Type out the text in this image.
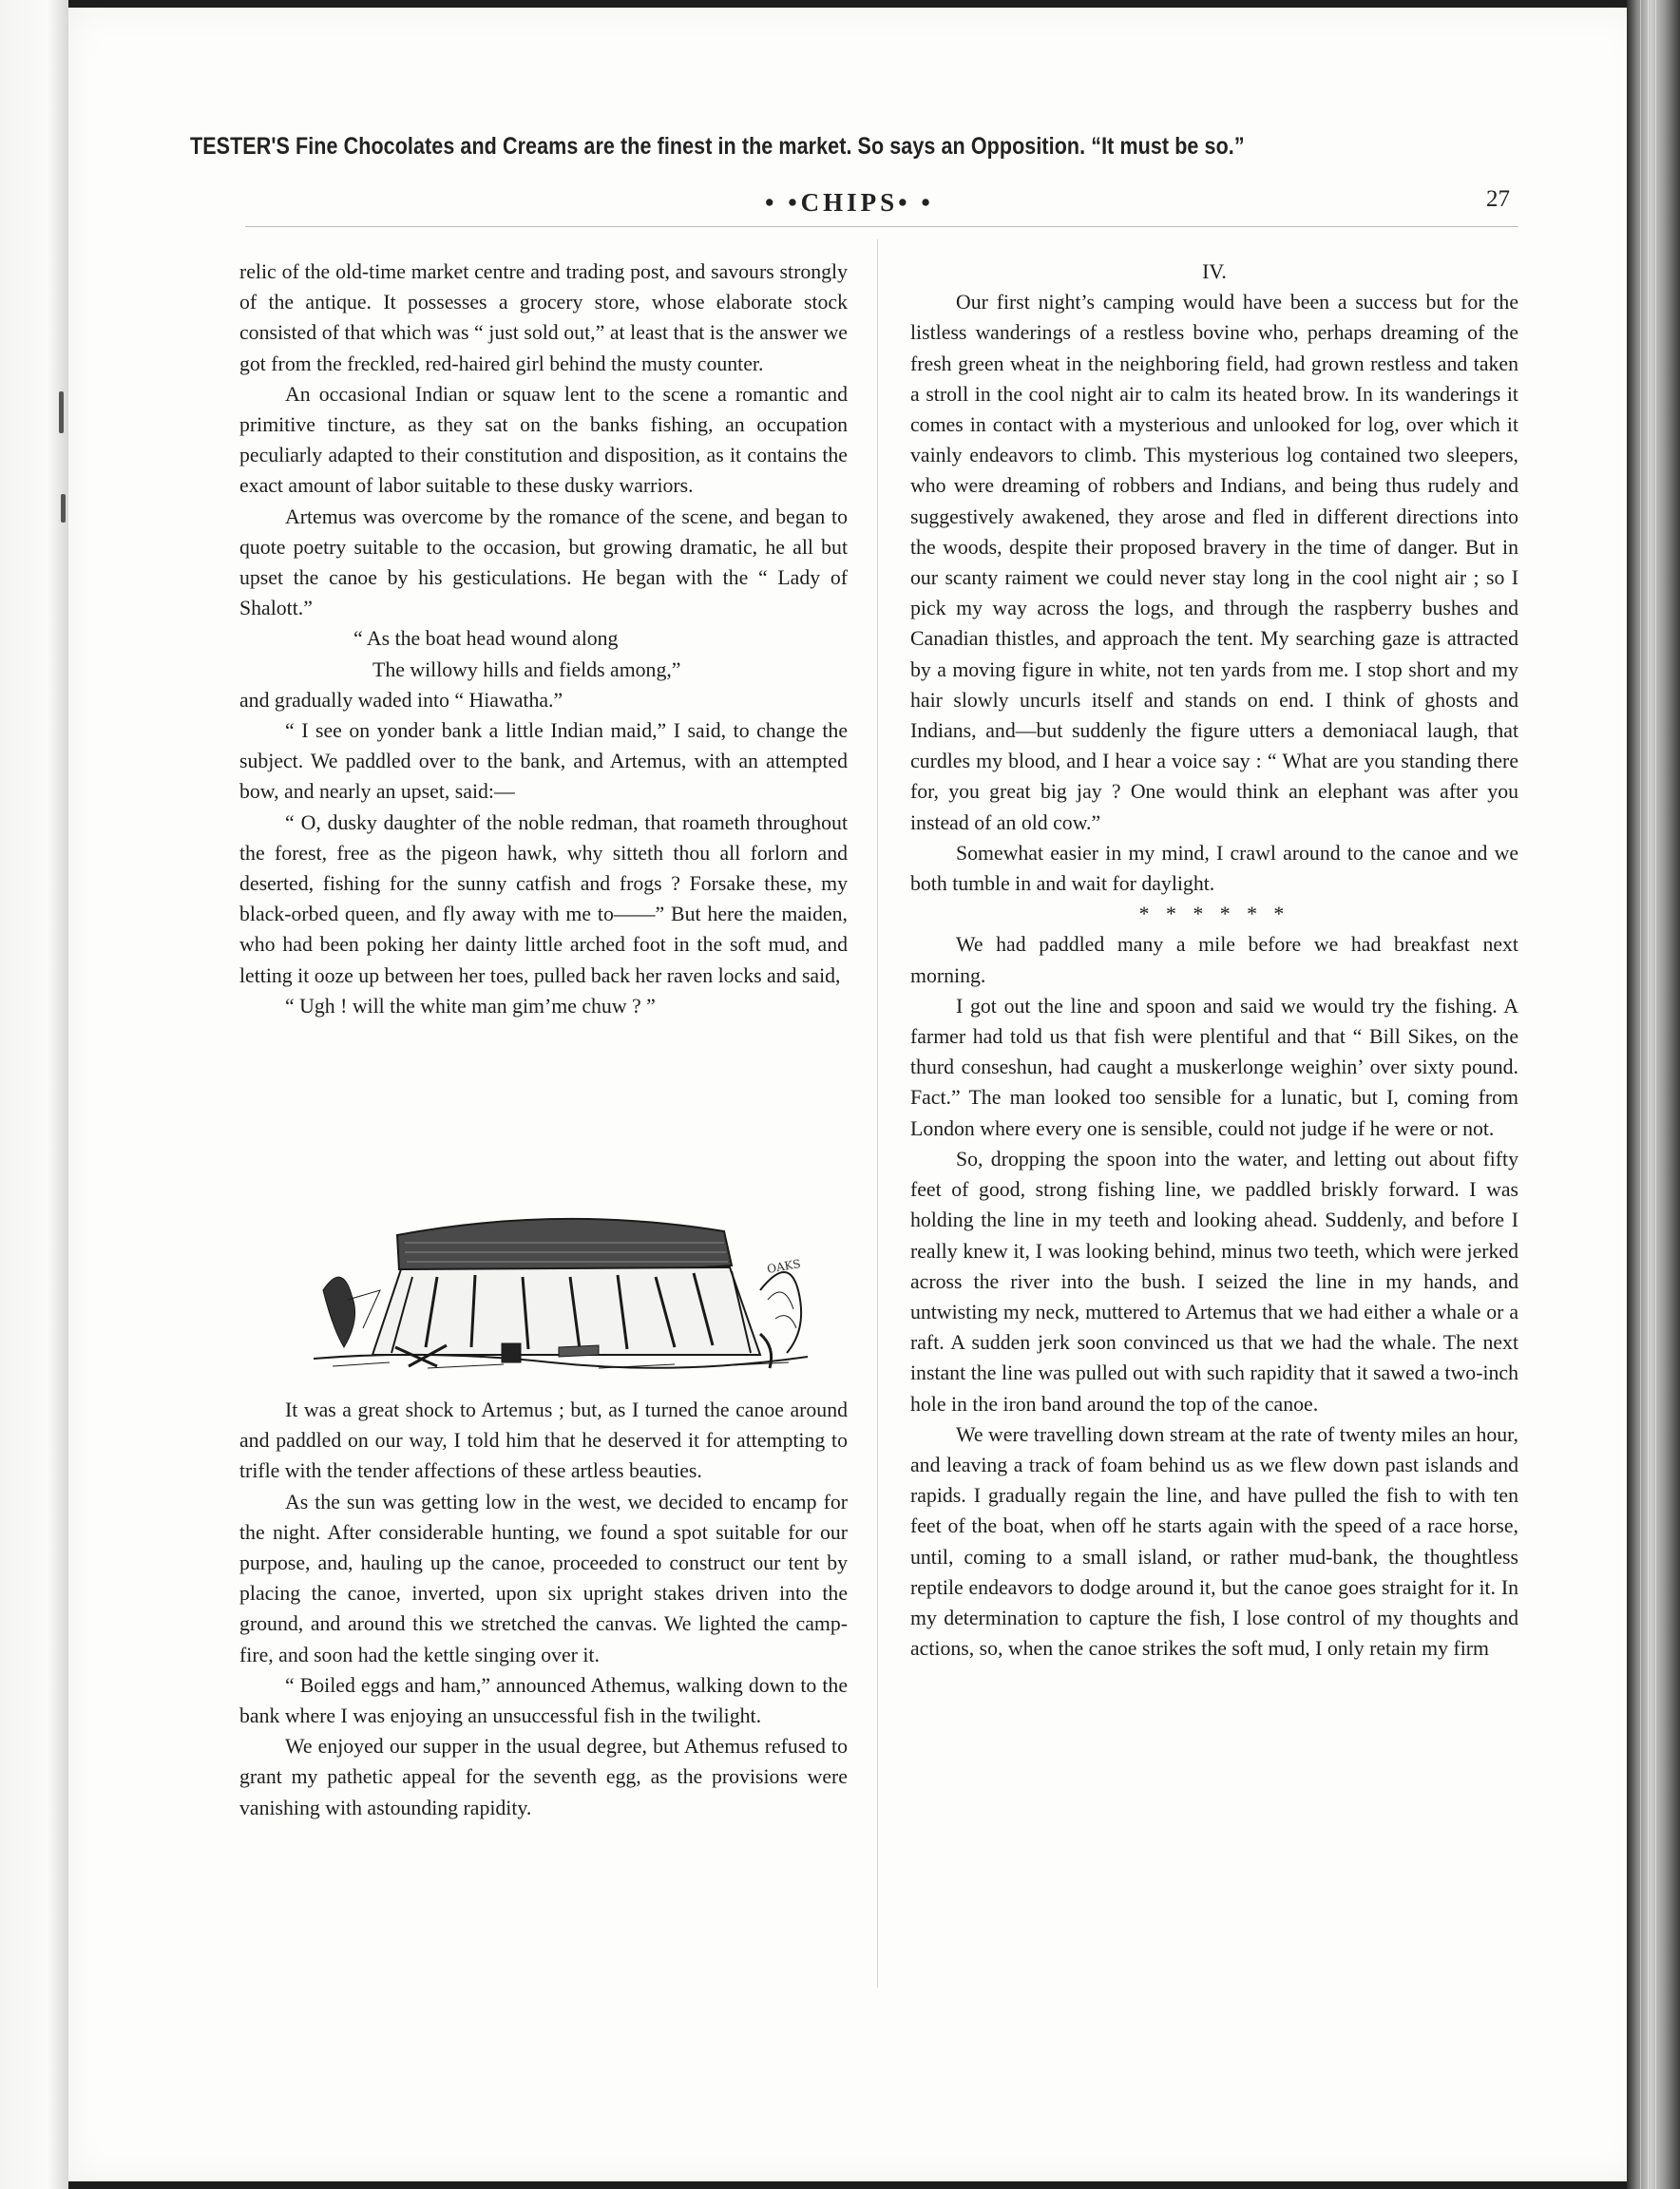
TESTER'S Fine Chocolates and Creams are the finest in the market. So says an Opposition. “It must be so.”
• •CHIPS• •	27

relic of the old-time market centre and trading post, and savours strongly of the antique. It possesses a grocery store, whose elaborate stock consisted of that which was “ just sold out,” at least that is the answer we got from the freckled, red-haired girl behind the musty counter.

An occasional Indian or squaw lent to the scene a romantic and primitive tincture, as they sat on the banks fishing, an occupation peculiarly adapted to their constitution and disposition, as it contains the exact amount of labor suitable to these dusky warriors.

Artemus was overcome by the romance of the scene, and began to quote poetry suitable to the occasion, but growing dramatic, he all but upset the canoe by his gesticulations. He began with the “ Lady of Shalott.”

“ As the boat head wound along

The willowy hills and fields among,”

and gradually waded into “ Hiawatha.”

“ I see on yonder bank a little Indian maid,” I said, to change the subject. We paddled over to the bank, and Artemus, with an attempted bow, and nearly an upset, said:—

“ O, dusky daughter of the noble redman, that roameth throughout the forest, free as the pigeon hawk, why sitteth thou all forlorn and deserted, fishing for the sunny catfish and frogs ? Forsake these, my black-orbed queen, and fly away with me to——” But here the maiden, who had been poking her dainty little arched foot in the soft mud, and letting it ooze up between her toes, pulled back her raven locks and said,

“ Ugh ! will the white man gim’me chuw ? ”

OAKS

It was a great shock to Artemus ; but, as I turned the canoe around and paddled on our way, I told him that he deserved it for attempting to trifle with the tender affections of these artless beauties.

As the sun was getting low in the west, we decided to encamp for the night. After considerable hunting, we found a spot suitable for our purpose, and, hauling up the canoe, proceeded to construct our tent by placing the canoe, inverted, upon six upright stakes driven into the ground, and around this we stretched the canvas. We lighted the camp-fire, and soon had the kettle singing over it.

“ Boiled eggs and ham,” announced Athemus, walking down to the bank where I was enjoying an unsuccessful fish in the twilight.

We enjoyed our supper in the usual degree, but Athemus refused to grant my pathetic appeal for the seventh egg, as the provisions were vanishing with astounding rapidity.

IV.

Our first night’s camping would have been a success but for the listless wanderings of a restless bovine who, perhaps dreaming of the fresh green wheat in the neighboring field, had grown restless and taken a stroll in the cool night air to calm its heated brow. In its wanderings it comes in contact with a mysterious and unlooked for log, over which it vainly endeavors to climb. This mysterious log contained two sleepers, who were dreaming of robbers and Indians, and being thus rudely and suggestively awakened, they arose and fled in different directions into the woods, despite their proposed bravery in the time of danger. But in our scanty raiment we could never stay long in the cool night air ; so I pick my way across the logs, and through the raspberry bushes and Canadian thistles, and approach the tent. My searching gaze is attracted by a moving figure in white, not ten yards from me. I stop short and my hair slowly uncurls itself and stands on end. I think of ghosts and Indians, and—but suddenly the figure utters a demoniacal laugh, that curdles my blood, and I hear a voice say : “ What are you standing there for, you great big jay ? One would think an elephant was after you instead of an old cow.”

Somewhat easier in my mind, I crawl around to the canoe and we both tumble in and wait for daylight.

* * * * * *

We had paddled many a mile before we had breakfast next morning.

I got out the line and spoon and said we would try the fishing. A farmer had told us that fish were plentiful and that “ Bill Sikes, on the thurd conseshun, had caught a muskerlonge weighin’ over sixty pound. Fact.” The man looked too sensible for a lunatic, but I, coming from London where every one is sensible, could not judge if he were or not.

So, dropping the spoon into the water, and letting out about fifty feet of good, strong fishing line, we paddled briskly forward. I was holding the line in my teeth and looking ahead. Suddenly, and before I really knew it, I was looking behind, minus two teeth, which were jerked across the river into the bush. I seized the line in my hands, and untwisting my neck, muttered to Artemus that we had either a whale or a raft. A sudden jerk soon convinced us that we had the whale. The next instant the line was pulled out with such rapidity that it sawed a two-inch hole in the iron band around the top of the canoe.

We were travelling down stream at the rate of twenty miles an hour, and leaving a track of foam behind us as we flew down past islands and rapids. I gradually regain the line, and have pulled the fish to with ten feet of the boat, when off he starts again with the speed of a race horse, until, coming to a small island, or rather mud-bank, the thoughtless reptile endeavors to dodge around it, but the canoe goes straight for it. In my determination to capture the fish, I lose control of my thoughts and actions, so, when the canoe strikes the soft mud, I only retain my firm
